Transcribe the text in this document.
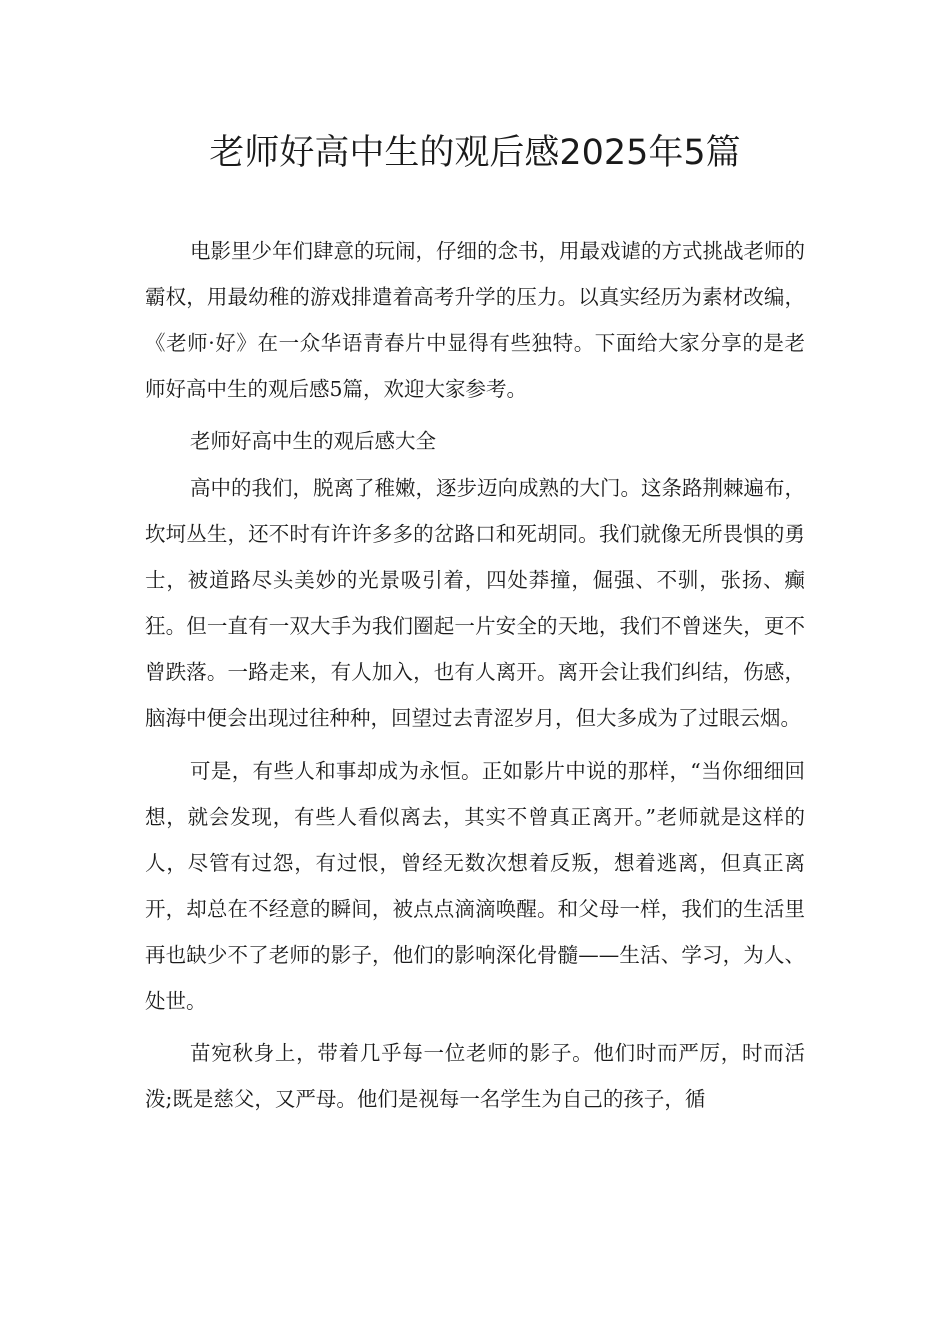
老师好高中生的观后感2025年5篇

电影里少年们肆意的玩闹，仔细的念书，用最戏谑的方式挑战老师的霸权，用最幼稚的游戏排遣着高考升学的压力。以真实经历为素材改编，《老师·好》在一众华语青春片中显得有些独特。下面给大家分享的是老师好高中生的观后感5篇，欢迎大家参考。

老师好高中生的观后感大全

高中的我们，脱离了稚嫩，逐步迈向成熟的大门。这条路荆棘遍布，坎坷丛生，还不时有许许多多的岔路口和死胡同。我们就像无所畏惧的勇士，被道路尽头美妙的光景吸引着，四处莽撞，倔强、不驯，张扬、癫狂。但一直有一双大手为我们圈起一片安全的天地，我们不曾迷失，更不曾跌落。一路走来，有人加入，也有人离开。离开会让我们纠结，伤感，脑海中便会出现过往种种，回望过去青涩岁月，但大多成为了过眼云烟。

可是，有些人和事却成为永恒。正如影片中说的那样，“当你细细回想，就会发现，有些人看似离去，其实不曾真正离开。”老师就是这样的人，尽管有过怨，有过恨，曾经无数次想着反叛，想着逃离，但真正离开，却总在不经意的瞬间，被点点滴滴唤醒。和父母一样，我们的生活里再也缺少不了老师的影子，他们的影响深化骨髓——生活、学习，为人、处世。

苗宛秋身上，带着几乎每一位老师的影子。他们时而严厉，时而活泼;既是慈父，又严母。他们是视每一名学生为自己的孩子，循
